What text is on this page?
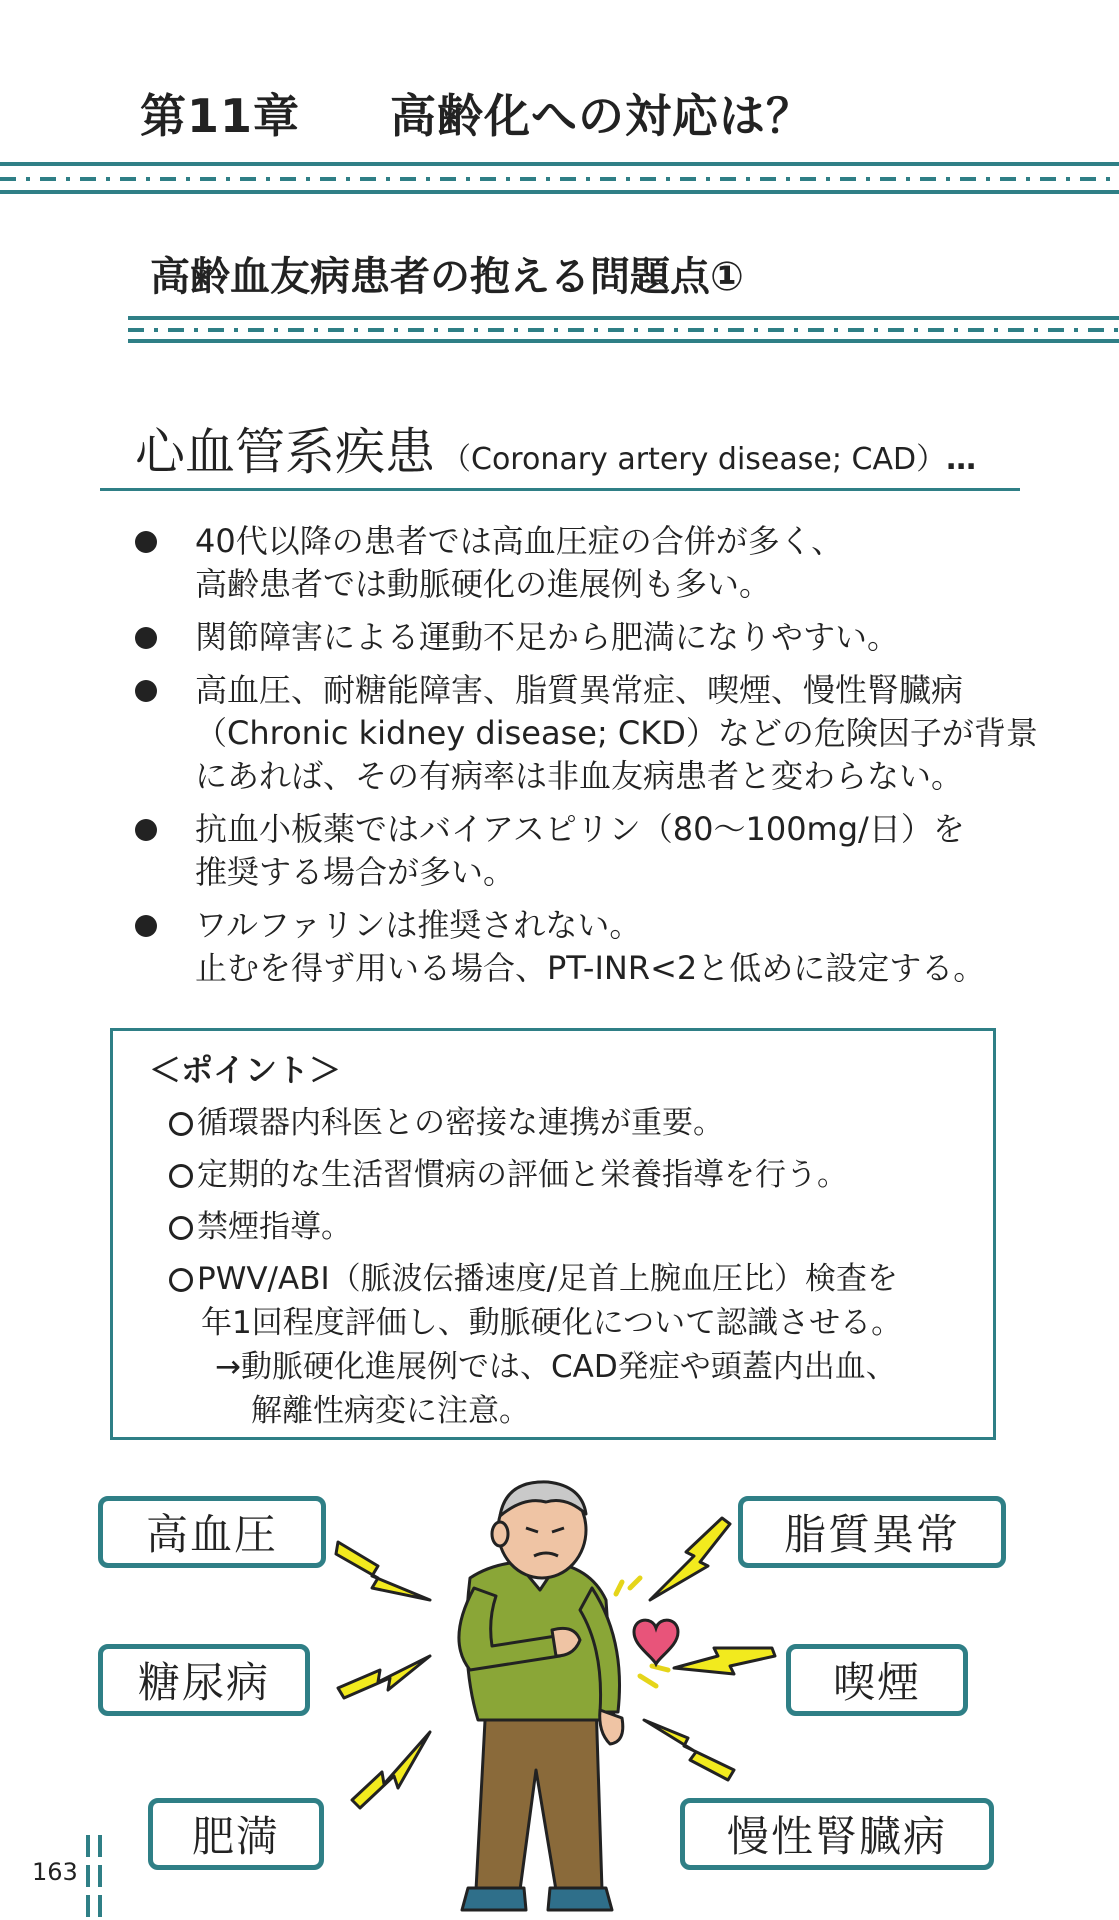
第11章 高齢化への対応は？
高齢血友病患者の抱える問題点①
心血管系疾患 （Coronary artery disease; CAD）…
40代以降の患者では高血圧症の合併が多く、
高齢患者では動脈硬化の進展例も多い。
関節障害による運動不足から肥満になりやすい。
高血圧、耐糖能障害、脂質異常症、喫煙、慢性腎臓病
（Chronic kidney disease; CKD）などの危険因子が背景
にあれば、その有病率は非血友病患者と変わらない。
抗血小板薬ではバイアスピリン（80〜100mg/日）を
推奨する場合が多い。
ワルファリンは推奨されない。
止むを得ず用いる場合、PT-INR<2と低めに設定する。
＜ポイント＞
循環器内科医との密接な連携が重要。
定期的な生活習慣病の評価と栄養指導を行う。
禁煙指導。
PWV/ABI（脈波伝播速度/足首上腕血圧比）検査を
年1回程度評価し、動脈硬化について認識させる。
→動脈硬化進展例では、CAD発症や頭蓋内出血、
解離性病変に注意。
高血圧
糖尿病
肥満
脂質異常
喫煙
慢性腎臓病
163
